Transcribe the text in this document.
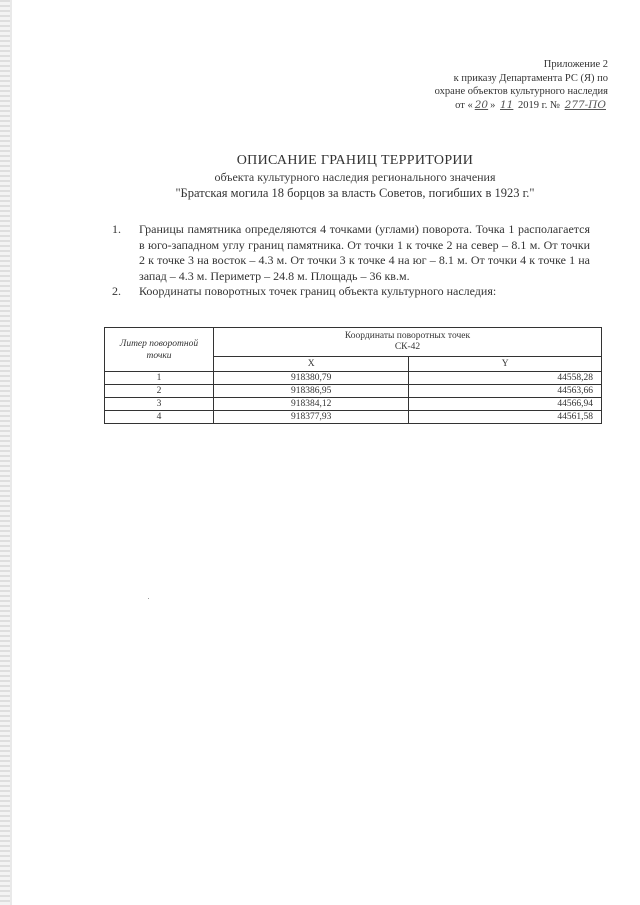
Приложение 2
к приказу Департамента РС (Я) по
охране объектов культурного наследия
от « 20 » 11 2019 г. № 277-ПО
ОПИСАНИЕ ГРАНИЦ ТЕРРИТОРИИ
объекта культурного наследия регионального значения
"Братская могила 18 борцов за власть Советов, погибших в 1923 г."
1.	Границы памятника определяются 4 точками (углами) поворота. Точка 1 располагается в юго-западном углу границ памятника. От точки 1 к точке 2 на север – 8.1 м. От точки 2 к точке 3 на восток – 4.3 м. От точки 3 к точке 4 на юг – 8.1 м. От точки 4 к точке 1 на запад – 4.3 м. Периметр – 24.8 м. Площадь – 36 кв.м.
2.	Координаты поворотных точек границ объекта культурного наследия:
Литер поворотной точки	Координаты поворотных точек
СК-42	
	X	Y
1	918380,79	44558,28
2	918386,95	44563,66
3	918384,12	44566,94
4	918377,93	44561,58
